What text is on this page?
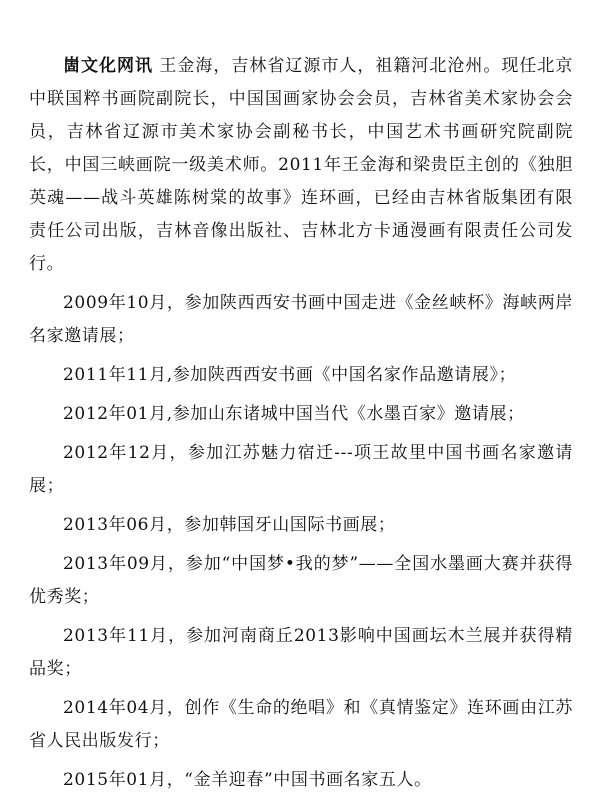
崮文化网讯 王金海，吉林省辽源市人，祖籍河北沧州。现任北京中联国粹书画院副院长，中国国画家协会会员，吉林省美术家协会会员，吉林省辽源市美术家协会副秘书长，中国艺术书画研究院副院长，中国三峡画院一级美术师。2011年王金海和梁贵臣主创的《独胆英魂——战斗英雄陈树棠的故事》连环画，已经由吉林省版集团有限责任公司出版，吉林音像出版社、吉林北方卡通漫画有限责任公司发行。

2009年10月，参加陕西西安书画中国走进《金丝峡杯》海峡两岸名家邀请展；

2011年11月,参加陕西西安书画《中国名家作品邀请展》；

2012年01月,参加山东诸城中国当代《水墨百家》邀请展；

2012年12月，参加江苏魅力宿迁---项王故里中国书画名家邀请展；

2013年06月，参加韩国牙山国际书画展；

2013年09月，参加“中国梦•我的梦”——全国水墨画大赛并获得优秀奖；

2013年11月，参加河南商丘2013影响中国画坛木兰展并获得精品奖；

2014年04月，创作《生命的绝唱》和《真情鉴定》连环画由江苏省人民出版发行；

2015年01月，“金羊迎春”中国书画名家五人。
